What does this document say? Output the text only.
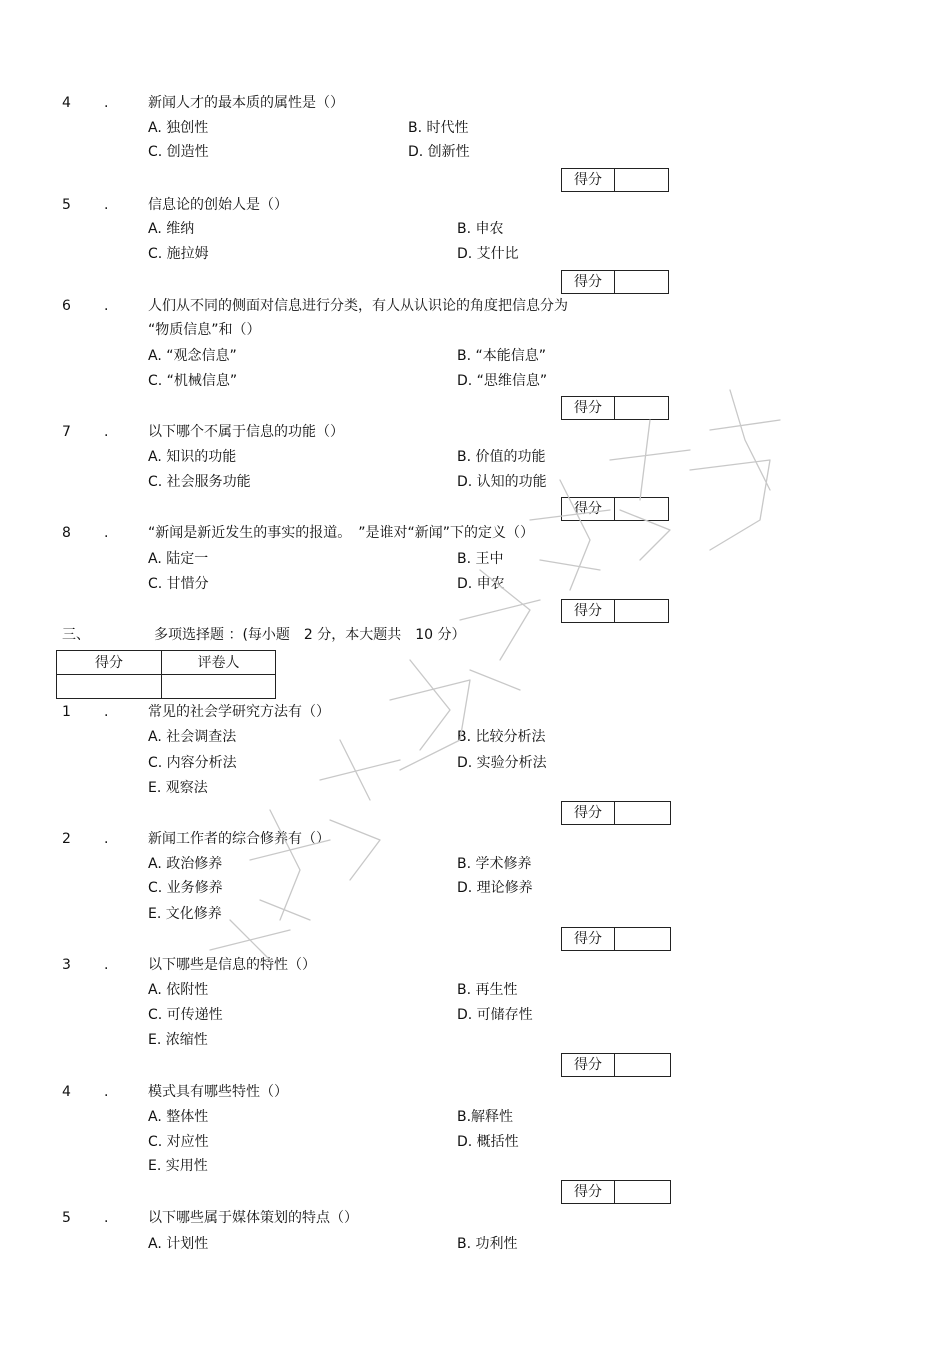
4 .	新闻人才的最本质的属性是（）
A. 独创性	B. 时代性
C. 创造性	D. 创新性
得分
5 .	信息论的创始人是（）
A. 维纳	B. 申农
C. 施拉姆	D. 艾什比
得分
6 .	人们从不同的侧面对信息进行分类，有人从认识论的角度把信息分为
“物质信息”和（）
A. “观念信息”	B. “本能信息”
C. “机械信息”	D. “思维信息”
得分
7 .	以下哪个不属于信息的功能（）
A. 知识的功能	B. 价值的功能
C. 社会服务功能	D. 认知的功能
得分
8 .	“新闻是新近发生的事实的报道。　”是谁对“新闻”下的定义（）
A. 陆定一	B. 王中
C. 甘惜分	D. 申农
得分
三、	多项选择题 ：(每小题　2 分，本大题共　10 分）
得分	评卷人

1 .	常见的社会学研究方法有（）
A. 社会调查法	B. 比较分析法
C. 内容分析法	D. 实验分析法
E. 观察法
得分
2 .	新闻工作者的综合修养有（）
A. 政治修养	B. 学术修养
C. 业务修养	D. 理论修养
E. 文化修养
得分
3 .	以下哪些是信息的特性（）
A. 依附性	B. 再生性
C. 可传递性	D. 可储存性
E. 浓缩性
得分
4 .	模式具有哪些特性（）
A. 整体性	B.解释性
C. 对应性	D. 概括性
E. 实用性
得分
5 .	以下哪些属于媒体策划的特点（）
A. 计划性	B. 功利性
